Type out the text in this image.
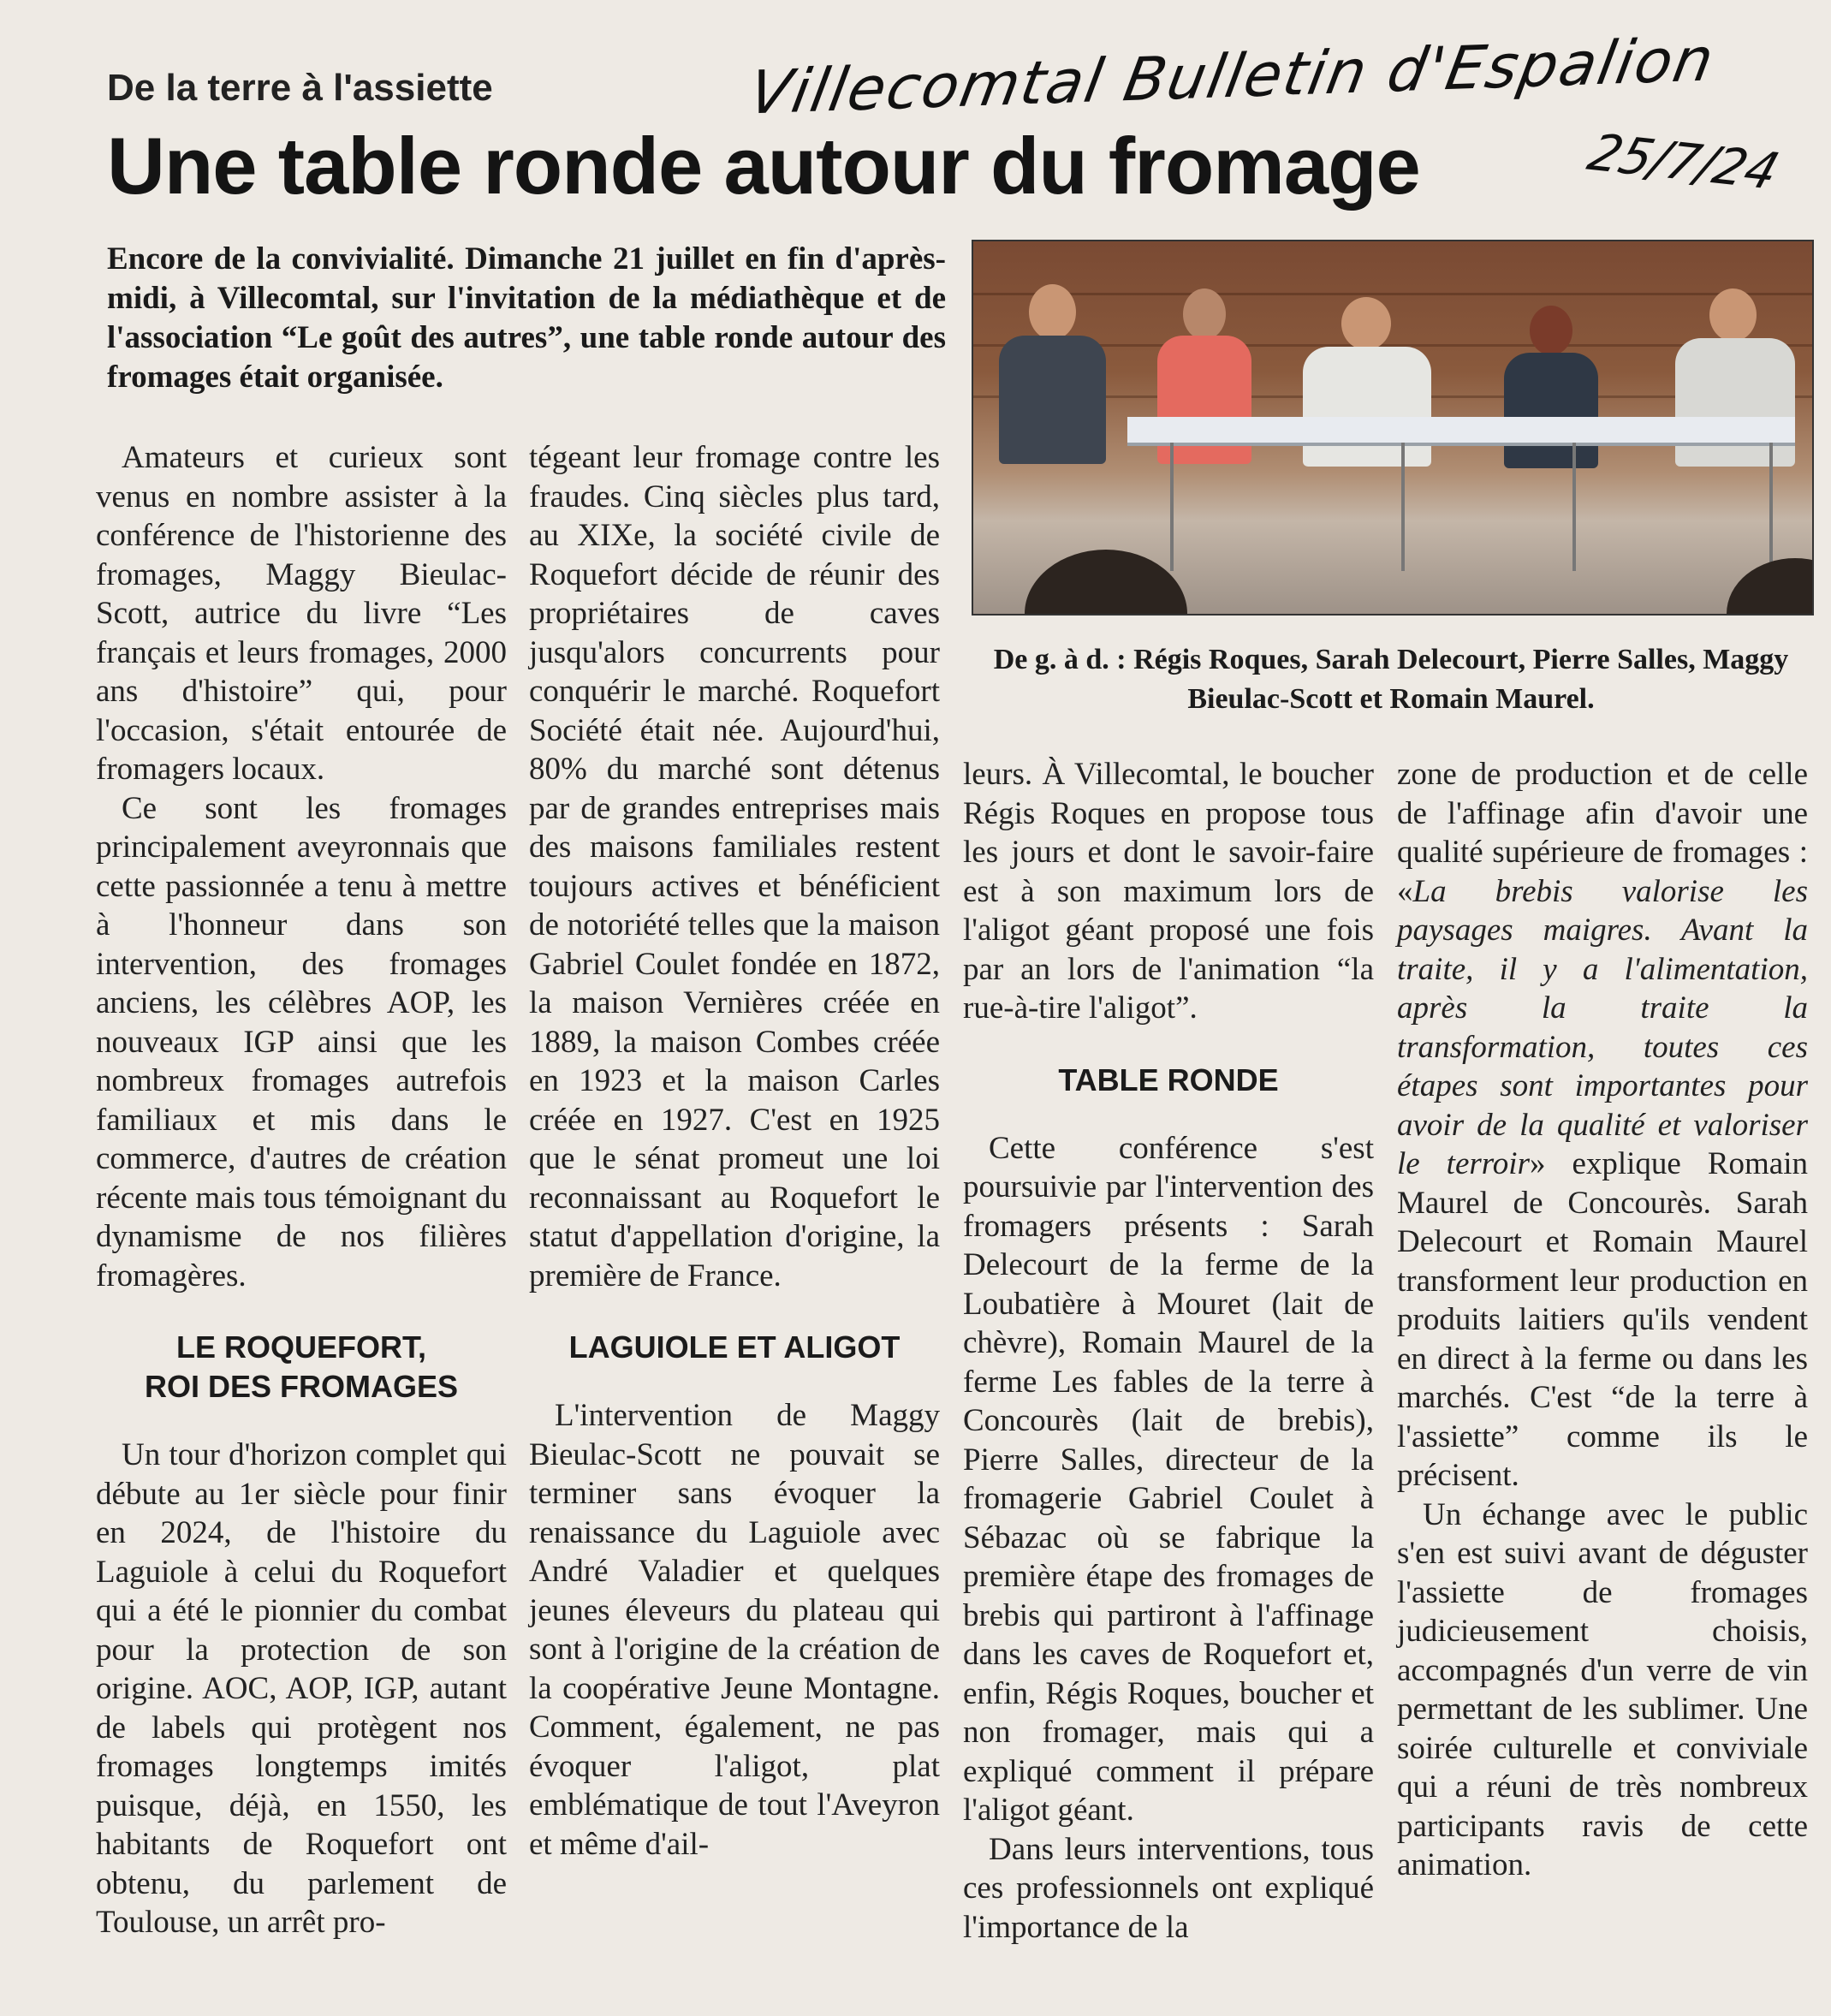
Villecomtal Bulletin d'Espalion
25/7/24
De la terre à l'assiette
Une table ronde autour du fromage

Encore de la convivialité. Dimanche 21 juillet en fin d'après-midi, à Villecomtal, sur l'invitation de la médiathèque et de l'association “Le goût des autres”, une table ronde autour des fromages était organisée.

De g. à d. : Régis Roques, Sarah Delecourt, Pierre Salles, Maggy Bieulac-Scott et Romain Maurel.

Amateurs et curieux sont venus en nombre assister à la conférence de l'historienne des fromages, Maggy Bieulac-Scott, autrice du livre “Les français et leurs fromages, 2000 ans d'histoire” qui, pour l'occasion, s'était entourée de fromagers locaux.

Ce sont les fromages principalement aveyronnais que cette passionnée a tenu à mettre à l'honneur dans son intervention, des fromages anciens, les célèbres AOP, les nouveaux IGP ainsi que les nombreux fromages autrefois familiaux et mis dans le commerce, d'autres de création récente mais tous témoignant du dynamisme de nos filières fromagères.

LE ROQUEFORT,
ROI DES FROMAGES

Un tour d'horizon complet qui débute au 1er siècle pour finir en 2024, de l'histoire du Laguiole à celui du Roquefort qui a été le pionnier du combat pour la protection de son origine. AOC, AOP, IGP, autant de labels qui protègent nos fromages longtemps imités puisque, déjà, en 1550, les habitants de Roquefort ont obtenu, du parlement de Toulouse, un arrêt pro-

tégeant leur fromage contre les fraudes. Cinq siècles plus tard, au XIXe, la société civile de Roquefort décide de réunir des propriétaires de caves jusqu'alors concurrents pour conquérir le marché. Roquefort Société était née. Aujourd'hui, 80% du marché sont détenus par de grandes entreprises mais des maisons familiales restent toujours actives et bénéficient de notoriété telles que la maison Gabriel Coulet fondée en 1872, la maison Vernières créée en 1889, la maison Combes créée en 1923 et la maison Carles créée en 1927. C'est en 1925 que le sénat promeut une loi reconnaissant au Roquefort le statut d'appellation d'origine, la première de France.

LAGUIOLE ET ALIGOT

L'intervention de Maggy Bieulac-Scott ne pouvait se terminer sans évoquer la renaissance du Laguiole avec André Valadier et quelques jeunes éleveurs du plateau qui sont à l'origine de la création de la coopérative Jeune Montagne. Comment, également, ne pas évoquer l'aligot, plat emblématique de tout l'Aveyron et même d'ail-

leurs. À Villecomtal, le boucher Régis Roques en propose tous les jours et dont le savoir-faire est à son maximum lors de l'aligot géant proposé une fois par an lors de l'animation “la rue-à-tire l'aligot”.

TABLE RONDE

Cette conférence s'est poursuivie par l'intervention des fromagers présents : Sarah Delecourt de la ferme de la Loubatière à Mouret (lait de chèvre), Romain Maurel de la ferme Les fables de la terre à Concourès (lait de brebis), Pierre Salles, directeur de la fromagerie Gabriel Coulet à Sébazac où se fabrique la première étape des fromages de brebis qui partiront à l'affinage dans les caves de Roquefort et, enfin, Régis Roques, boucher et non fromager, mais qui a expliqué comment il prépare l'aligot géant.

Dans leurs interventions, tous ces professionnels ont expliqué l'importance de la

zone de production et de celle de l'affinage afin d'avoir une qualité supérieure de fromages : «La brebis valorise les paysages maigres. Avant la traite, il y a l'alimentation, après la traite la transformation, toutes ces étapes sont importantes pour avoir de la qualité et valoriser le terroir» explique Romain Maurel de Concourès. Sarah Delecourt et Romain Maurel transforment leur production en produits laitiers qu'ils vendent en direct à la ferme ou dans les marchés. C'est “de la terre à l'assiette” comme ils le précisent.

Un échange avec le public s'en est suivi avant de déguster l'assiette de fromages judicieusement choisis, accompagnés d'un verre de vin permettant de les sublimer. Une soirée culturelle et conviviale qui a réuni de très nombreux participants ravis de cette animation.
